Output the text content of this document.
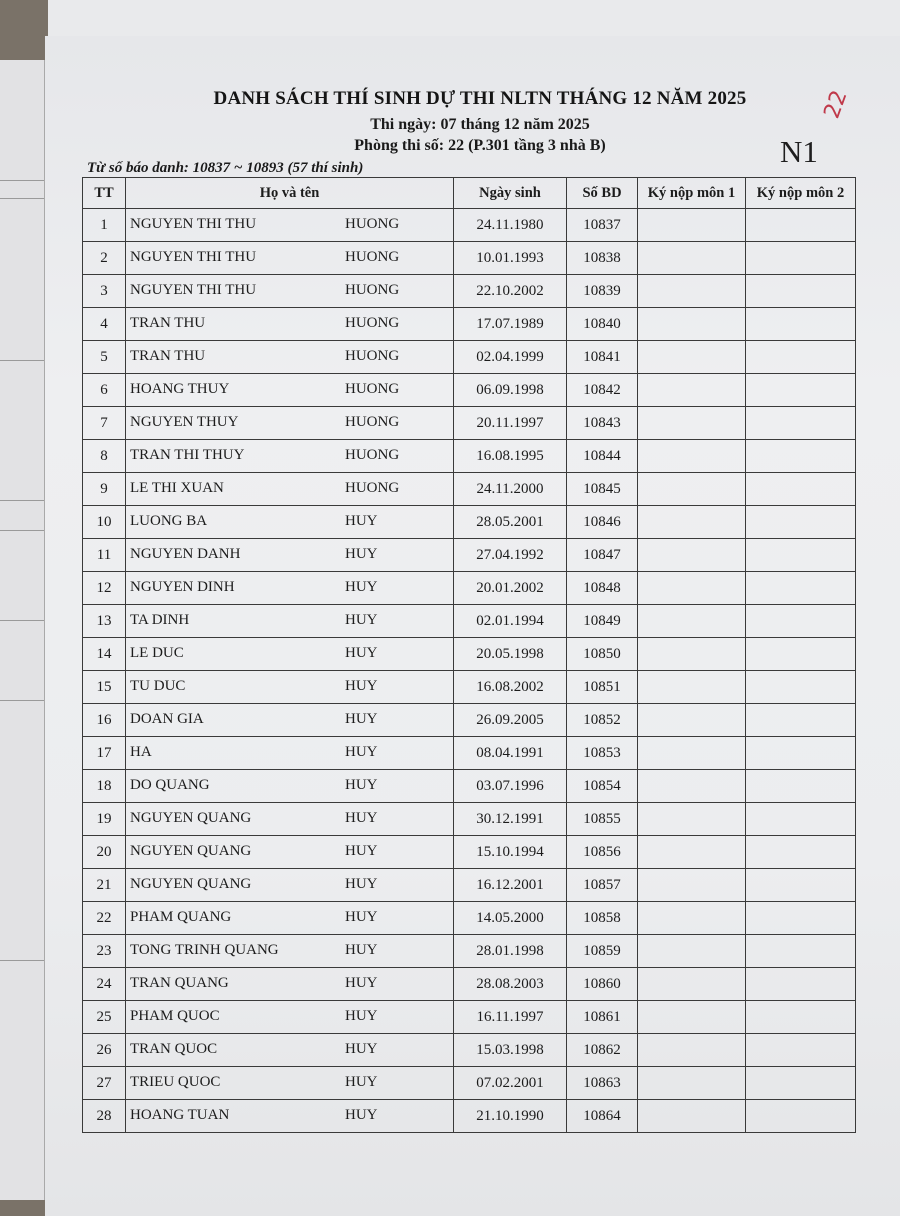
DANH SÁCH THÍ SINH DỰ THI NLTN THÁNG 12 NĂM 2025
Thi ngày: 07 tháng 12 năm 2025
Phòng thi số: 22 (P.301 tầng 3 nhà B)
Từ số báo danh: 10837 ~ 10893 (57 thí sinh)	N1
22
TT	Họ và tên	Ngày sinh	Số BD	Ký nộp môn 1	Ký nộp môn 2
1	NGUYEN THI THU HUONG	24.11.1980	10837		
2	NGUYEN THI THU HUONG	10.01.1993	10838		
3	NGUYEN THI THU HUONG	22.10.2002	10839		
4	TRAN THU HUONG	17.07.1989	10840		
5	TRAN THU HUONG	02.04.1999	10841		
6	HOANG THUY HUONG	06.09.1998	10842		
7	NGUYEN THUY HUONG	20.11.1997	10843		
8	TRAN THI THUY HUONG	16.08.1995	10844		
9	LE THI XUAN HUONG	24.11.2000	10845		
10	LUONG BA HUY	28.05.2001	10846		
11	NGUYEN DANH HUY	27.04.1992	10847		
12	NGUYEN DINH HUY	20.01.2002	10848		
13	TA DINH HUY	02.01.1994	10849		
14	LE DUC HUY	20.05.1998	10850		
15	TU DUC HUY	16.08.2002	10851		
16	DOAN GIA HUY	26.09.2005	10852		
17	HA HUY	08.04.1991	10853		
18	DO QUANG HUY	03.07.1996	10854		
19	NGUYEN QUANG HUY	30.12.1991	10855		
20	NGUYEN QUANG HUY	15.10.1994	10856		
21	NGUYEN QUANG HUY	16.12.2001	10857		
22	PHAM QUANG HUY	14.05.2000	10858		
23	TONG TRINH QUANG HUY	28.01.1998	10859		
24	TRAN QUANG HUY	28.08.2003	10860		
25	PHAM QUOC HUY	16.11.1997	10861		
26	TRAN QUOC HUY	15.03.1998	10862		
27	TRIEU QUOC HUY	07.02.2001	10863		
28	HOANG TUAN HUY	21.10.1990	10864		
